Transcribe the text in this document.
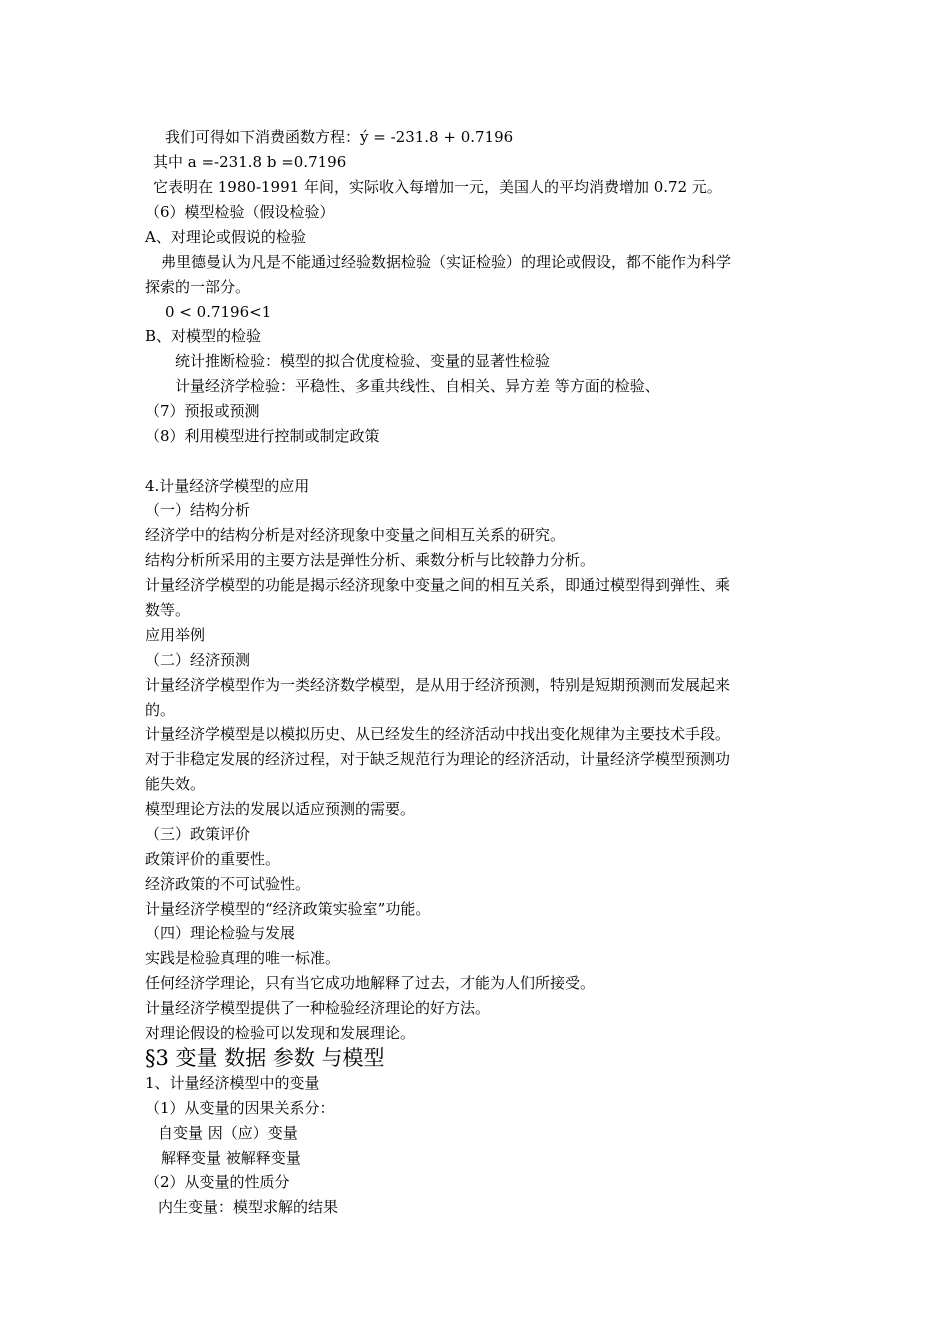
我们可得如下消费函数方程：ý = -231.8 + 0.7196
其中 a =-231.8 b =0.7196
它表明在 1980-1991 年间，实际收入每增加一元，美国人的平均消费增加 0.72 元。
（6）模型检验（假设检验）
A、对理论或假说的检验
弗里德曼认为凡是不能通过经验数据检验（实证检验）的理论或假设，都不能作为科学
探索的一部分。
0 < 0.7196<1
B、对模型的检验
统计推断检验：模型的拟合优度检验、变量的显著性检验
计量经济学检验：平稳性、多重共线性、自相关、异方差 等方面的检验、
（7）预报或预测
（8）利用模型进行控制或制定政策
4.计量经济学模型的应用
（一）结构分析
经济学中的结构分析是对经济现象中变量之间相互关系的研究。
结构分析所采用的主要方法是弹性分析、乘数分析与比较静力分析。
计量经济学模型的功能是揭示经济现象中变量之间的相互关系，即通过模型得到弹性、乘
数等。
应用举例
（二）经济预测
计量经济学模型作为一类经济数学模型，是从用于经济预测，特别是短期预测而发展起来
的。
计量经济学模型是以模拟历史、从已经发生的经济活动中找出变化规律为主要技术手段。
对于非稳定发展的经济过程，对于缺乏规范行为理论的经济活动，计量经济学模型预测功
能失效。
模型理论方法的发展以适应预测的需要。
（三）政策评价
政策评价的重要性。
经济政策的不可试验性。
计量经济学模型的“经济政策实验室”功能。
（四）理论检验与发展
实践是检验真理的唯一标准。
任何经济学理论，只有当它成功地解释了过去，才能为人们所接受。
计量经济学模型提供了一种检验经济理论的好方法。
对理论假设的检验可以发现和发展理论。
§3 变量 数据 参数 与模型
1、计量经济模型中的变量
（1）从变量的因果关系分：
自变量 因（应）变量
解释变量 被解释变量
（2）从变量的性质分
内生变量：模型求解的结果
